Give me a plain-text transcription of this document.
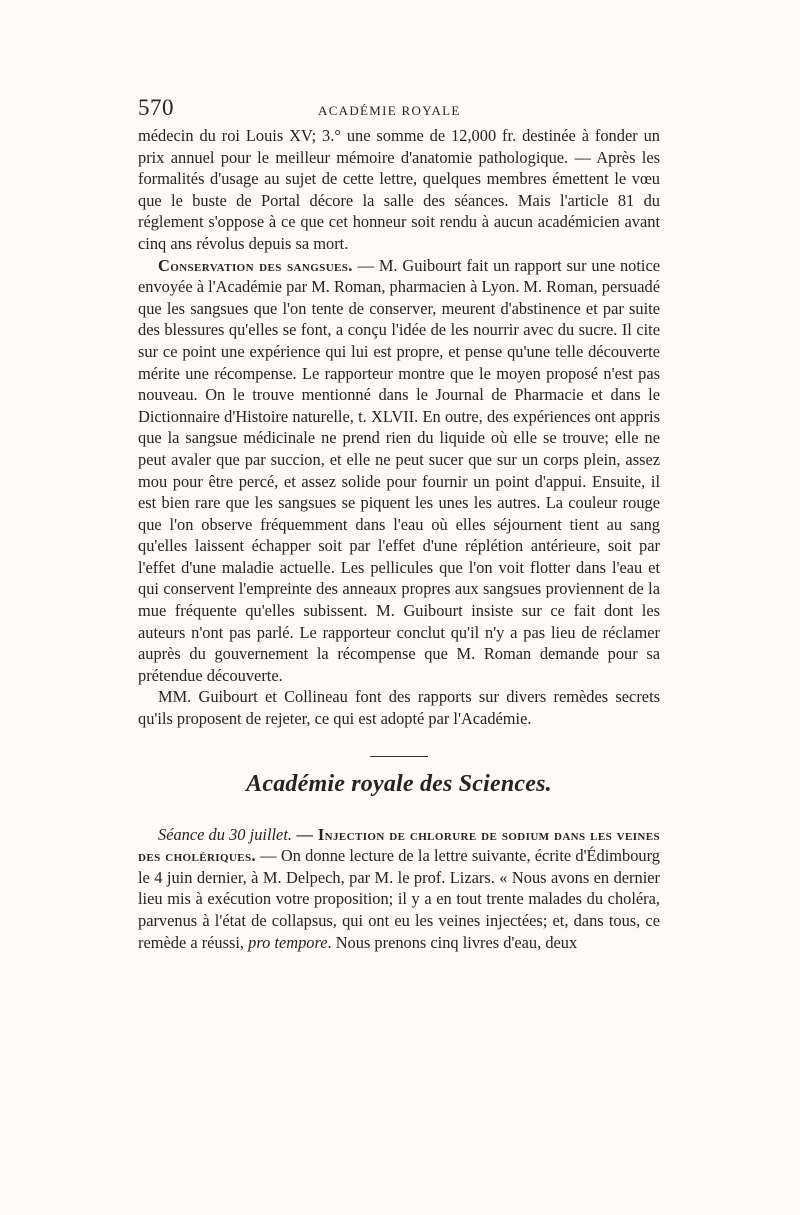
570	ACADÉMIE ROYALE

médecin du roi Louis XV; 3.° une somme de 12,000 fr. destinée à fonder un prix annuel pour le meilleur mémoire d'anatomie pathologique. — Après les formalités d'usage au sujet de cette lettre, quelques membres émettent le vœu que le buste de Portal décore la salle des séances. Mais l'article 81 du réglement s'oppose à ce que cet honneur soit rendu à aucun académicien avant cinq ans révolus depuis sa mort.

Conservation des sangsues. — M. Guibourt fait un rapport sur une notice envoyée à l'Académie par M. Roman, pharmacien à Lyon. M. Roman, persuadé que les sangsues que l'on tente de conserver, meurent d'abstinence et par suite des blessures qu'elles se font, a conçu l'idée de les nourrir avec du sucre. Il cite sur ce point une expérience qui lui est propre, et pense qu'une telle découverte mérite une récompense. Le rapporteur montre que le moyen proposé n'est pas nouveau. On le trouve mentionné dans le Journal de Pharmacie et dans le Dictionnaire d'Histoire naturelle, t. XLVII. En outre, des expériences ont appris que la sangsue médicinale ne prend rien du liquide où elle se trouve; elle ne peut avaler que par succion, et elle ne peut sucer que sur un corps plein, assez mou pour être percé, et assez solide pour fournir un point d'appui. Ensuite, il est bien rare que les sangsues se piquent les unes les autres. La couleur rouge que l'on observe fréquemment dans l'eau où elles séjournent tient au sang qu'elles laissent échapper soit par l'effet d'une réplétion antérieure, soit par l'effet d'une maladie actuelle. Les pellicules que l'on voit flotter dans l'eau et qui conservent l'empreinte des anneaux propres aux sangsues proviennent de la mue fréquente qu'elles subissent. M. Guibourt insiste sur ce fait dont les auteurs n'ont pas parlé. Le rapporteur conclut qu'il n'y a pas lieu de réclamer auprès du gouvernement la récompense que M. Roman demande pour sa prétendue découverte.

MM. Guibourt et Collineau font des rapports sur divers remèdes secrets qu'ils proposent de rejeter, ce qui est adopté par l'Académie.

Académie royale des Sciences.

Séance du 30 juillet. — Injection de chlorure de sodium dans les veines des cholériques. — On donne lecture de la lettre suivante, écrite d'Édimbourg le 4 juin dernier, à M. Delpech, par M. le prof. Lizars. « Nous avons en dernier lieu mis à exécution votre proposition; il y a en tout trente malades du choléra, parvenus à l'état de collapsus, qui ont eu les veines injectées; et, dans tous, ce remède a réussi, pro tempore. Nous prenons cinq livres d'eau, deux
